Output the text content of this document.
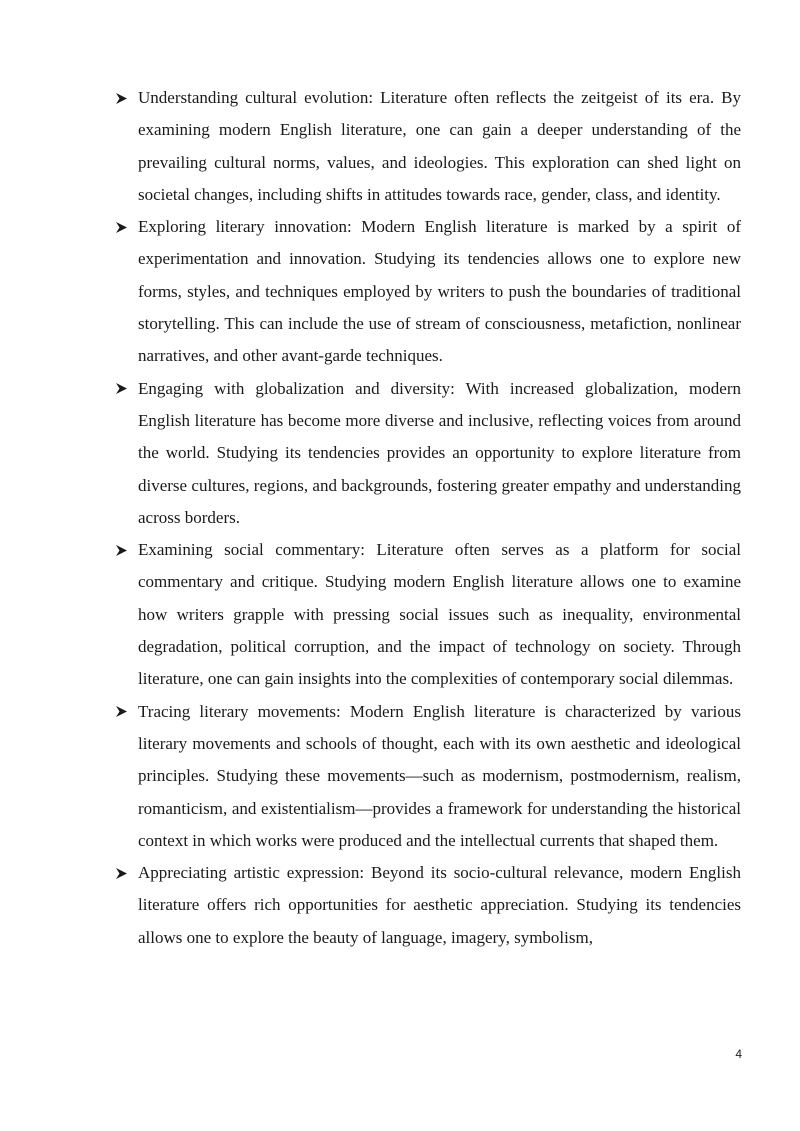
Understanding cultural evolution: Literature often reflects the zeitgeist of its era. By examining modern English literature, one can gain a deeper understanding of the prevailing cultural norms, values, and ideologies. This exploration can shed light on societal changes, including shifts in attitudes towards race, gender, class, and identity.
Exploring literary innovation: Modern English literature is marked by a spirit of experimentation and innovation. Studying its tendencies allows one to explore new forms, styles, and techniques employed by writers to push the boundaries of traditional storytelling. This can include the use of stream of consciousness, metafiction, nonlinear narratives, and other avant-garde techniques.
Engaging with globalization and diversity: With increased globalization, modern English literature has become more diverse and inclusive, reflecting voices from around the world. Studying its tendencies provides an opportunity to explore literature from diverse cultures, regions, and backgrounds, fostering greater empathy and understanding across borders.
Examining social commentary: Literature often serves as a platform for social commentary and critique. Studying modern English literature allows one to examine how writers grapple with pressing social issues such as inequality, environmental degradation, political corruption, and the impact of technology on society. Through literature, one can gain insights into the complexities of contemporary social dilemmas.
Tracing literary movements: Modern English literature is characterized by various literary movements and schools of thought, each with its own aesthetic and ideological principles. Studying these movements—such as modernism, postmodernism, realism, romanticism, and existentialism—provides a framework for understanding the historical context in which works were produced and the intellectual currents that shaped them.
Appreciating artistic expression: Beyond its socio-cultural relevance, modern English literature offers rich opportunities for aesthetic appreciation. Studying its tendencies allows one to explore the beauty of language, imagery, symbolism,
4
